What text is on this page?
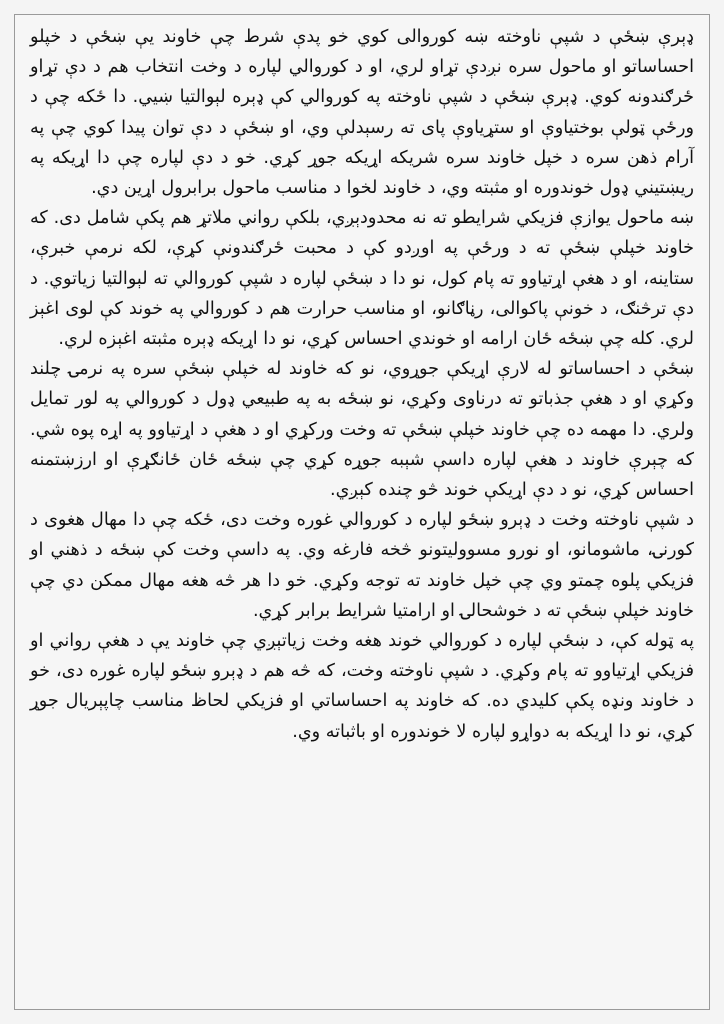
ډېرې ښځې د شپې ناوخته ښه کوروالی کوي خو پدې شرط چې خاوند يې ښځې د خپلو احساساتو او ماحول سره نږدې تړاو لري، او د کوروالي لپاره د وخت انتخاب هم د دې تړاو ځرګندونه کوي. ډېرې ښځې د شپې ناوخته په کوروالي کې ډېره لېوالتيا ښيي. دا ځکه چې د ورځې ټولې بوختياوې او ستړياوې پای ته رسېدلې وي، او ښځې د دې توان پيدا کوي چې په آرام ذهن سره د خپل خاوند سره شريکه اړيکه جوړ کړي. خو د دې لپاره چې دا اړيکه په ريښتيني ډول خوندوره او مثبته وي، د خاوند لخوا د مناسب ماحول برابرول اړين دي.

ښه ماحول يوازې فزيکي شرايطو ته نه محدودېږي، بلکې رواني ملاتړ هم پکې شامل دی. که خاوند خپلې ښځې ته د ورځې په اوږدو کې د محبت ځرګندونې کړې، لکه نرمې خبرې، ستاينه، او د هغې اړتياوو ته پام کول، نو دا د ښځې لپاره د شپې کوروالي ته لېوالتيا زياتوي. د دې ترڅنګ، د خونې پاکوالی، رڼاګانو، او مناسب حرارت هم د کوروالي په خوند کې لوی اغېز لري. کله چې ښځه ځان ارامه او خوندي احساس کړي، نو دا اړيکه ډېره مثبته اغېزه لري.

ښځې د احساساتو له لارې اړيکې جوړوي، نو که خاوند له خپلې ښځې سره په نرمۍ چلند وکړي او د هغې جذباتو ته درناوی وکړي، نو ښځه به په طبيعي ډول د کوروالي په لور تمايل ولري. دا مهمه ده چې خاوند خپلې ښځې ته وخت ورکړي او د هغې د اړتياوو په اړه پوه شي. که چېرې خاوند د هغې لپاره داسې شېبه جوړه کړي چې ښځه ځان ځانګړې او ارزښتمنه احساس کړي، نو د دې اړيکې خوند څو چنده کېږي.

د شپې ناوخته وخت د ډېرو ښځو لپاره د کوروالي غوره وخت دی، ځکه چې دا مهال هغوی د کورنۍ، ماشومانو، او نورو مسووليتونو څخه فارغه وي. په داسې وخت کې ښځه د ذهني او فزيکي پلوه چمتو وي چې خپل خاوند ته توجه وکړي. خو دا هر څه هغه مهال ممکن دي چې خاوند خپلې ښځې ته د خوشحالۍ او ارامتيا شرايط برابر کړي.

په ټوله کې، د ښځې لپاره د کوروالي خوند هغه وخت زياتېږي چې خاوند يې د هغې رواني او فزيکي اړتياوو ته پام وکړي. د شپې ناوخته وخت، که څه هم د ډېرو ښځو لپاره غوره دی، خو د خاوند ونډه پکې کليدي ده. که خاوند په احساساتي او فزيکي لحاظ مناسب چاپېريال جوړ کړي، نو دا اړيکه به دواړو لپاره لا خوندوره او باثباته وي.
